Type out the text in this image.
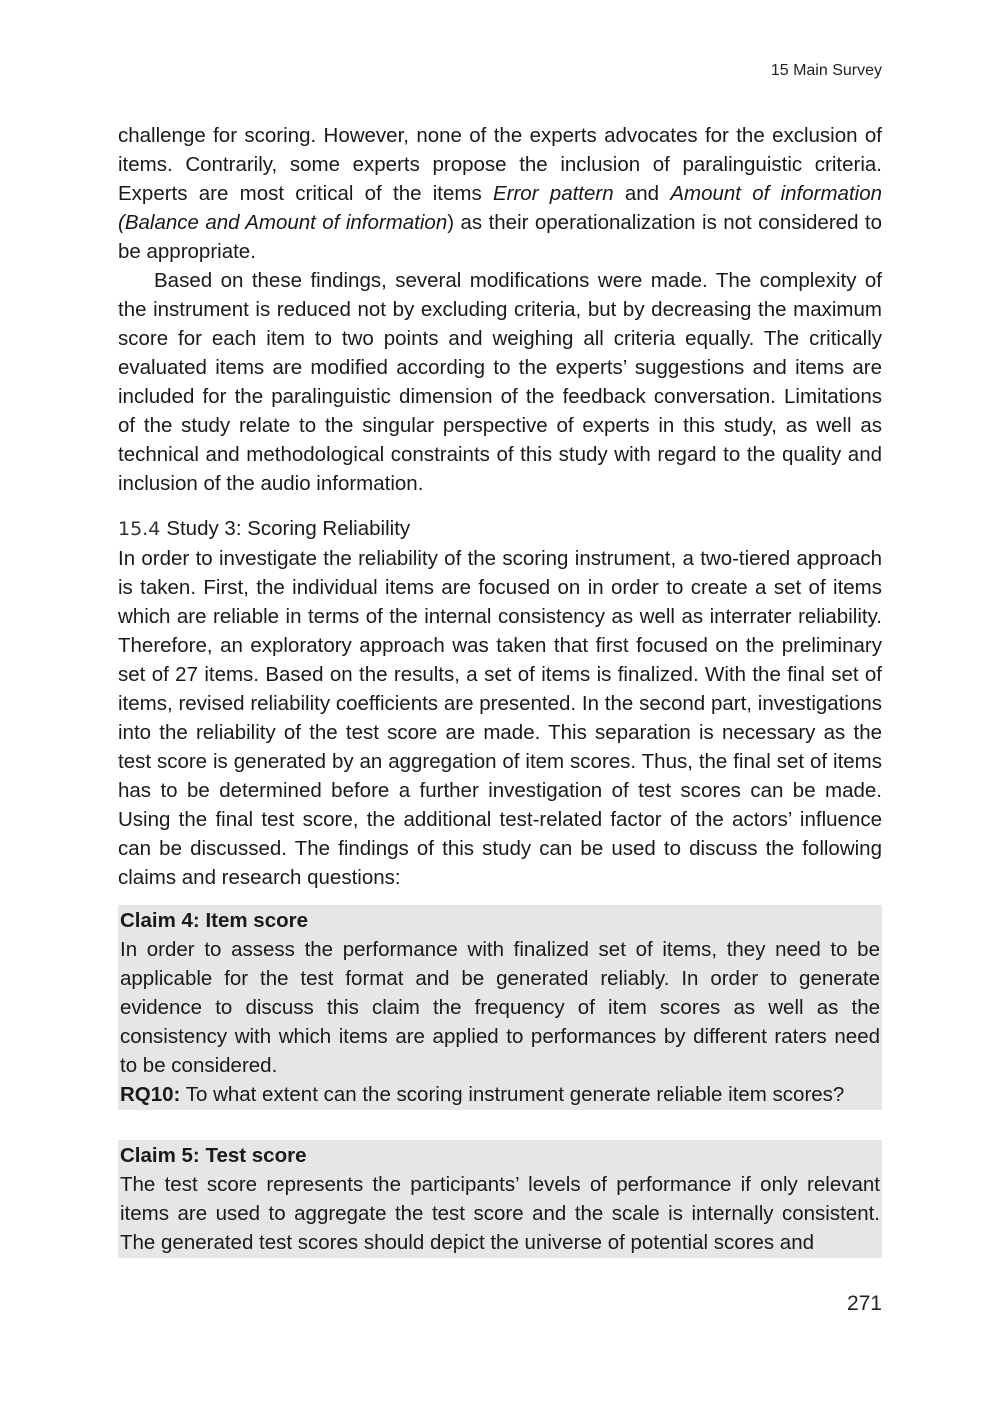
15 Main Survey

challenge for scoring. However, none of the experts advocates for the exclusion of items. Contrarily, some experts propose the inclusion of paralinguistic criteria. Experts are most critical of the items Error pattern and Amount of information (Balance and Amount of information) as their operationalization is not considered to be appropriate.

Based on these findings, several modifications were made. The complexity of the instrument is reduced not by excluding criteria, but by decreasing the maximum score for each item to two points and weighing all criteria equally. The critically evaluated items are modified according to the experts’ suggestions and items are included for the paralinguistic dimension of the feedback conversation. Limitations of the study relate to the singular perspective of experts in this study, as well as technical and methodological constraints of this study with regard to the quality and inclusion of the audio information.

15.4 Study 3: Scoring Reliability

In order to investigate the reliability of the scoring instrument, a two-tiered approach is taken. First, the individual items are focused on in order to create a set of items which are reliable in terms of the internal consistency as well as interrater reliability. Therefore, an exploratory approach was taken that first focused on the preliminary set of 27 items. Based on the results, a set of items is finalized. With the final set of items, revised reliability coefficients are presented. In the second part, investigations into the reliability of the test score are made. This separation is necessary as the test score is generated by an aggregation of item scores. Thus, the final set of items has to be determined before a further investigation of test scores can be made. Using the final test score, the additional test-related factor of the actors’ influence can be discussed. The findings of this study can be used to discuss the following claims and research questions:

Claim 4: Item score

In order to assess the performance with finalized set of items, they need to be applicable for the test format and be generated reliably. In order to generate evidence to discuss this claim the frequency of item scores as well as the consistency with which items are applied to performances by different raters need to be considered.

RQ10: To what extent can the scoring instrument generate reliable item scores?

Claim 5: Test score

The test score represents the participants’ levels of performance if only relevant items are used to aggregate the test score and the scale is internally consistent. The generated test scores should depict the universe of potential scores and

271
